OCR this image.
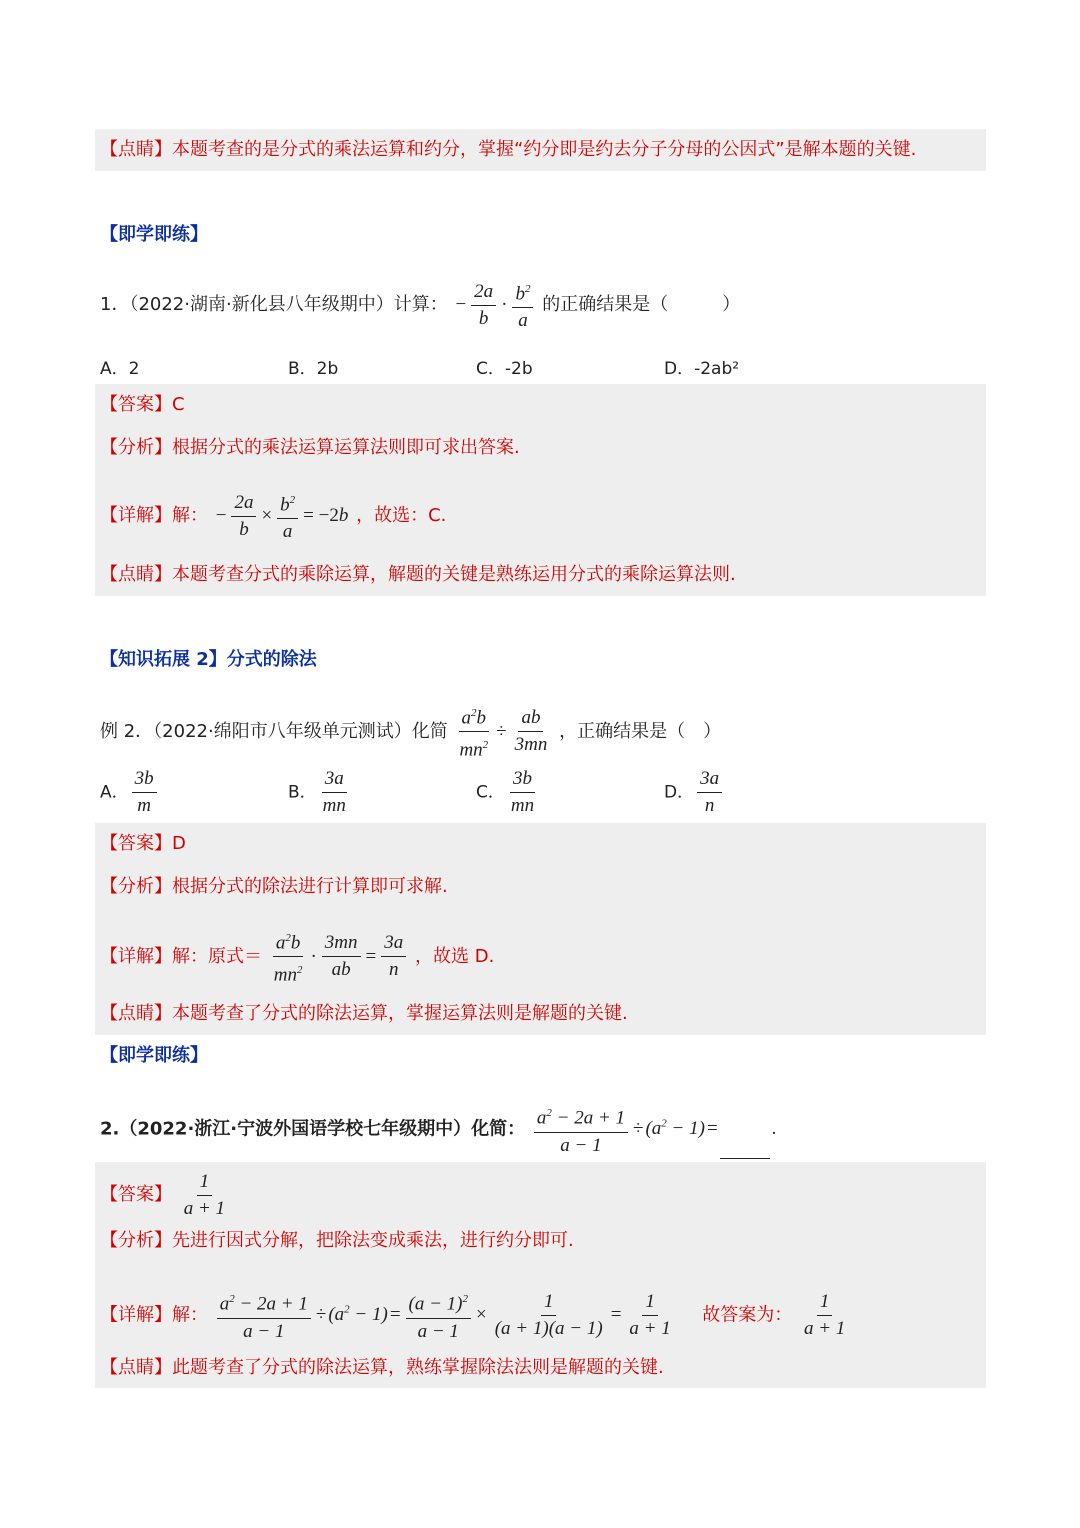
【点睛】本题考查的是分式的乘法运算和约分，掌握“约分即是约去分子分母的公因式”是解本题的关键.
【即学即练】
1．（2022·湖南·新化县八年级期中）计算： − $\frac{2a}{b} \cdot \frac{b^2}{a}$ 的正确结果是（　　　）
A．2	B．2b	C．-2b	D．-2ab²
【答案】C
【分析】根据分式的乘法运算运算法则即可求出答案.
【详解】解： − $\frac{2a}{b} \times \frac{b^2}{a} = -2b$ ，故选：C.
【点睛】本题考查分式的乘除运算，解题的关键是熟练运用分式的乘除运算法则.
【知识拓展 2】分式的除法
例 2．（2022·绵阳市八年级单元测试）化简 $\frac{a^2b}{mn^2} \div \frac{ab}{3mn}$ ，正确结果是（　）
A． $\frac{3b}{m}$	B． $\frac{3a}{mn}$	C． $\frac{3b}{mn}$	D． $\frac{3a}{n}$
【答案】D
【分析】根据分式的除法进行计算即可求解.
【详解】解：原式＝ $\frac{a^2b}{mn^2} \cdot \frac{3mn}{ab} = \frac{3a}{n}$ ，故选 D.
【点睛】本题考查了分式的除法运算，掌握运算法则是解题的关键.
【即学即练】
2.（2022·浙江·宁波外国语学校七年级期中）化简： $\frac{a^2 - 2a + 1}{a - 1} \div (a^2 - 1)$ =	.
【答案】 $\frac{1}{a + 1}$
【分析】先进行因式分解，把除法变成乘法，进行约分即可.
【详解】解： $\frac{a^2 - 2a + 1}{a - 1} \div (a^2 - 1) = \frac{(a - 1)^2}{a - 1} \times \frac{1}{(a + 1)(a - 1)} = \frac{1}{a + 1}$ 故答案为： $\frac{1}{a + 1}$
【点睛】此题考查了分式的除法运算，熟练掌握除法法则是解题的关键.
